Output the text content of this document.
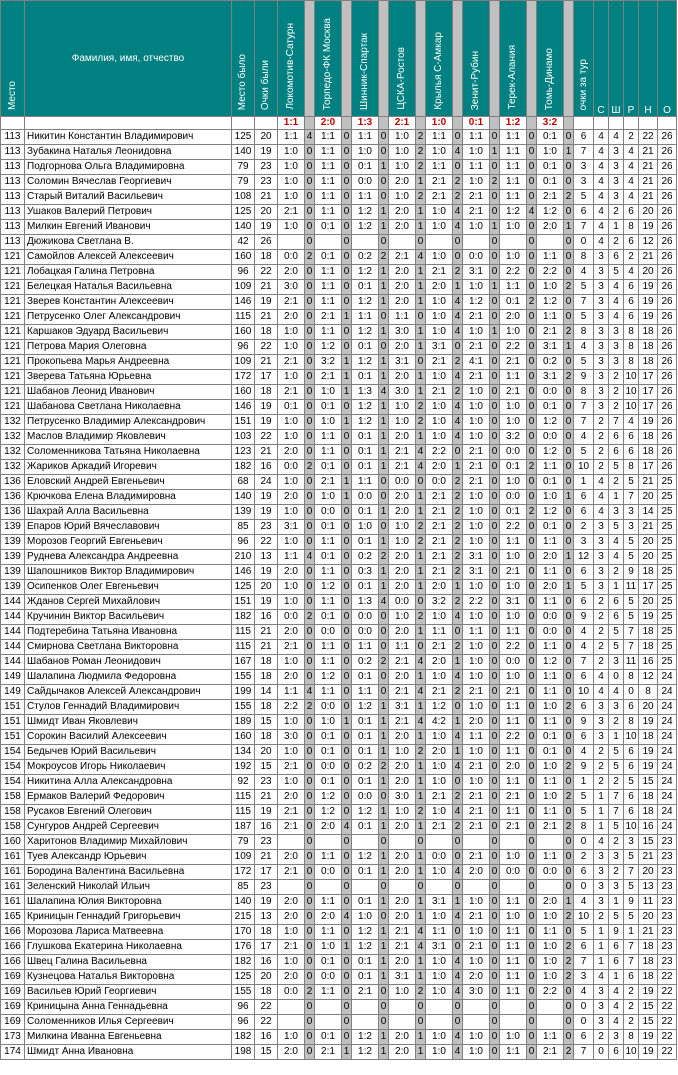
Место	Фамилия, имя, отчество	Место было	Очки были	Локомотив-Сатурн		Торпедо-ФК Москва		Шинник-Спартак		ЦСКА-Ростов		Крылья С-Амкар		Зенит-Рубин		Терек-Алания		Томь-Динамо		очки за тур	С	Ш	Р	Н	О
				1:1		2:0		1:3		2:1		1:0		0:1		1:2		3:2							
113	Никитин Константин Владимирович	125	20	1:1	4	1:1	0	1:1	0	1:0	2	1:1	0	1:1	0	1:1	0	0:1	0	6	4	4	2	22	26
113	Зубакина Наталья Леонидовна	140	19	1:0	0	1:1	0	1:0	0	1:0	2	1:0	4	1:0	1	1:1	0	1:0	1	7	4	3	4	21	26
113	Подгорнова Ольга Владимировна	79	23	1:0	0	1:1	0	0:1	1	1:0	2	1:1	0	1:1	0	1:1	0	0:1	0	3	4	3	4	21	26
113	Соломин Вячеслав Георгиевич	79	23	1:0	0	1:1	0	0:0	0	2:0	1	2:1	2	1:0	2	1:1	0	0:1	0	3	4	3	4	21	26
113	Старый Виталий Васильевич	108	21	1:0	0	1:1	0	1:1	0	1:0	2	2:1	2	2:1	0	1:1	0	2:1	2	5	4	3	4	21	26
113	Ушаков Валерий Петрович	125	20	2:1	0	1:1	0	1:2	1	2:0	1	1:0	4	2:1	0	1:2	4	1:2	0	6	4	2	6	20	26
113	Милкин Евгений Иванович	140	19	1:0	0	0:1	0	1:2	1	2:0	1	1:0	4	1:0	1	1:0	0	2:0	1	7	4	1	8	19	26
113	Дюжикова Светлана В.	42	26		0		0		0		0		0		0		0		0	0	4	2	6	12	26
121	Самойлов Алексей Алексеевич	160	18	0:0	2	0:1	0	0:2	2	2:1	4	1:0	0	0:0	0	1:0	0	1:1	0	8	3	6	2	21	26
121	Лобацкая Галина Петровна	96	22	2:0	0	1:1	0	1:2	1	2:0	1	2:1	2	3:1	0	2:2	0	2:2	0	4	3	5	4	20	26
121	Белецкая Наталья Васильевна	109	21	3:0	0	1:1	0	0:1	1	2:0	1	2:0	1	1:0	1	1:1	0	1:0	2	5	3	4	6	19	26
121	Зверев Константин Алексеевич	146	19	2:1	0	1:1	0	1:2	1	2:0	1	1:0	4	1:2	0	0:1	2	1:2	0	7	3	4	6	19	26
121	Петрусенко Олег Александрович	115	21	2:0	0	2:1	1	1:1	0	1:1	0	1:0	4	2:1	0	2:0	0	1:1	0	5	3	4	6	19	26
121	Каршаков Эдуард Васильевич	160	18	1:0	0	1:1	0	1:2	1	3:0	1	1:0	4	1:0	1	1:0	0	2:1	2	8	3	3	8	18	26
121	Петрова Мария Олеговна	96	22	1:0	0	1:2	0	0:1	0	2:0	1	3:1	0	2:1	0	2:2	0	3:1	1	4	3	3	8	18	26
121	Прокопьева Марья Андреевна	109	21	2:1	0	3:2	1	1:2	1	3:1	0	2:1	2	4:1	0	2:1	0	0:2	0	5	3	3	8	18	26
121	Зверева Татьяна Юрьевна	172	17	1:0	0	2:1	1	0:1	1	2:0	1	1:0	4	2:1	0	1:1	0	3:1	2	9	3	2	10	17	26
121	Шабанов Леонид Иванович	160	18	2:1	0	1:0	1	1:3	4	3:0	1	2:1	2	1:0	0	2:1	0	0:0	0	8	3	2	10	17	26
121	Шабанова Светлана Николаевна	146	19	0:1	0	0:1	0	1:2	1	1:0	2	1:0	4	1:0	0	1:0	0	0:1	0	7	3	2	10	17	26
132	Петрусенко Владимир Александрович	151	19	1:0	0	1:0	1	1:2	1	1:0	2	1:0	4	1:0	0	1:0	0	1:2	0	7	2	7	4	19	26
132	Маслов Владимир Яковлевич	103	22	1:0	0	1:1	0	0:1	1	2:0	1	1:0	4	1:0	0	3:2	0	0:0	0	4	2	6	6	18	26
132	Соломенникова Татьяна Николаевна	123	21	2:0	0	1:1	0	0:1	1	2:1	4	2:2	0	2:1	0	0:0	0	1:2	0	5	2	6	6	18	26
132	Жариков Аркадий Игоревич	182	16	0:0	2	0:1	0	0:1	1	2:1	4	2:0	1	2:1	0	0:1	2	1:1	0	10	2	5	8	17	26
136	Еловский Андрей Евгеньевич	68	24	1:0	0	2:1	1	1:1	0	0:0	0	0:0	2	2:1	0	1:0	0	0:1	0	1	4	2	5	21	25
136	Крючкова Елена Владимировна	140	19	2:0	0	1:0	1	0:0	0	2:0	1	2:1	2	1:0	0	0:0	0	1:0	1	6	4	1	7	20	25
136	Шахрай Алла Васильевна	139	19	1:0	0	0:0	0	0:1	1	2:0	1	2:1	2	1:0	0	0:1	2	1:2	0	6	4	3	3	14	25
139	Епаров Юрий Вячеславович	85	23	3:1	0	0:1	0	1:0	0	1:0	2	2:1	2	1:0	0	2:2	0	0:1	0	2	3	5	3	21	25
139	Морозов Георгий Евгеньевич	96	22	1:0	0	1:1	0	0:1	1	1:0	2	2:1	2	1:0	0	1:1	0	1:1	0	3	3	4	5	20	25
139	Руднева Александра Андреевна	210	13	1:1	4	0:1	0	0:2	2	2:0	1	2:1	2	3:1	0	1:0	0	2:0	1	12	3	4	5	20	25
139	Шапошников Виктор Владимирович	146	19	2:0	0	1:1	0	0:3	1	2:0	1	2:1	2	3:1	0	2:1	0	1:1	0	6	3	2	9	18	25
139	Осипенков Олег Евгеньевич	125	20	1:0	0	1:2	0	0:1	1	2:0	1	2:0	1	1:0	0	1:0	0	2:0	1	5	3	1	11	17	25
144	Жданов Сергей Михайлович	151	19	1:0	0	1:1	0	1:3	4	0:0	0	3:2	2	2:2	0	3:1	0	1:1	0	6	2	6	5	20	25
144	Кручинин Виктор Васильевич	182	16	0:0	2	0:1	0	0:0	0	1:0	2	1:0	4	1:0	0	1:0	0	0:0	0	9	2	6	5	19	25
144	Подтеребина Татьяна Ивановна	115	21	2:0	0	0:0	0	0:0	0	2:0	1	1:1	0	1:1	0	1:1	0	0:0	0	4	2	5	7	18	25
144	Смирнова Светлана Викторовна	115	21	2:1	0	1:1	0	1:1	0	1:1	0	2:1	2	1:0	0	2:2	0	1:1	0	4	2	5	7	18	25
144	Шабанов Роман Леонидович	167	18	1:0	0	1:1	0	0:2	2	2:1	4	2:0	1	1:0	0	0:0	0	1:2	0	7	2	3	11	16	25
149	Шалапина Людмила Федоровна	155	18	2:0	0	1:2	0	0:1	0	2:0	1	1:0	4	1:0	0	1:0	0	1:1	0	6	4	0	8	12	24
149	Сайдычаков Алексей Александрович	199	14	1:1	4	1:1	0	1:1	0	2:1	4	2:1	2	2:1	0	2:1	0	1:1	0	10	4	4	0	8	24
151	Стулов Геннадий Владимирович	155	18	2:2	2	0:0	0	1:2	1	3:1	1	1:2	0	1:0	0	1:1	0	1:0	2	6	3	3	6	20	24
151	Шмидт Иван Яковлевич	189	15	1:0	0	1:0	1	0:1	1	2:1	4	4:2	1	2:0	0	1:1	0	1:1	0	9	3	2	8	19	24
151	Сорокин Василий Алексеевич	160	18	3:0	0	0:1	0	0:1	1	2:0	1	1:0	4	1:1	0	2:2	0	0:1	0	6	3	1	10	18	24
154	Бедычев Юрий Васильевич	134	20	1:0	0	0:1	0	0:1	1	1:0	2	2:0	1	1:0	0	1:1	0	0:1	0	4	2	5	6	19	24
154	Мокроусов Игорь Николаевич	192	15	2:1	0	0:0	0	0:2	2	2:0	1	1:0	4	2:1	0	2:0	0	1:0	2	9	2	5	6	19	24
154	Никитина Алла Александровна	92	23	1:0	0	0:1	0	0:1	1	2:0	1	1:0	0	1:0	0	1:1	0	1:1	0	1	2	2	5	15	24
158	Ермаков Валерий Федорович	115	21	2:0	0	1:2	0	0:0	0	3:0	1	2:1	2	2:1	0	2:1	0	1:0	2	5	1	7	6	18	24
158	Русаков Евгений Олегович	115	19	2:1	0	1:2	0	1:2	1	1:0	2	1:0	4	2:1	0	1:1	0	1:1	0	5	1	7	6	18	24
158	Сунгуров Андрей Сергеевич	187	16	2:1	0	2:0	4	0:1	1	2:0	1	2:1	2	2:1	0	2:1	0	2:1	2	8	1	5	10	16	24
160	Харитонов Владимир Михайлович	79	23		0		0		0		0		0		0		0		0	0	4	2	3	15	23
161	Туев Александр Юрьевич	109	21	2:0	0	1:1	0	1:2	1	2:0	1	0:0	0	2:1	0	1:0	0	1:1	0	2	3	3	5	21	23
161	Бородина Валентина Васильевна	172	17	2:1	0	0:0	0	0:1	1	2:0	1	1:0	4	2:0	0	0:0	0	0:0	0	6	3	2	7	20	23
161	Зеленский Николай Ильич	85	23		0		0		0		0		0		0		0		0	0	3	3	5	13	23
161	Шалапина Юлия Викторовна	140	19	2:0	0	1:1	0	0:1	1	2:0	1	3:1	1	1:0	0	1:1	0	2:0	1	4	3	1	9	11	23
165	Криницын Геннадий Григорьевич	215	13	2:0	0	2:0	4	1:0	0	2:0	1	1:0	4	2:1	0	1:0	0	1:0	2	10	2	5	5	20	23
166	Морозова Лариса Матвеевна	170	18	1:0	0	1:1	0	1:2	1	2:1	4	1:1	0	1:0	0	1:1	0	1:1	0	5	1	9	1	21	23
166	Глушкова Екатерина Николаевна	176	17	2:1	0	1:0	1	1:2	1	2:1	4	3:1	0	2:1	0	1:1	0	1:0	2	6	1	6	7	18	23
166	Швец Галина Васильевна	182	16	1:0	0	0:1	0	0:1	1	2:0	1	1:0	4	1:0	0	1:1	0	1:0	2	7	1	6	7	18	23
169	Кузнецова Наталья Викторовна	125	20	2:0	0	0:0	0	0:1	1	3:1	1	1:0	4	2:0	0	1:1	0	1:0	2	3	4	1	6	18	22
169	Васильев Юрий Георгиевич	155	18	0:0	2	1:1	0	2:1	0	1:0	2	1:0	4	3:0	0	1:1	0	2:2	0	4	3	4	2	19	22
169	Криницына Анна Геннадьевна	96	22		0		0		0		0		0		0		0		0	0	3	4	2	15	22
169	Соломенников Илья Сергеевич	96	22		0		0		0		0		0		0		0		0	0	3	4	2	15	22
173	Милкина Иванна Евгеньевна	182	16	1:0	0	0:1	0	1:2	1	2:0	1	1:0	4	1:0	0	1:0	0	1:1	0	6	2	3	8	19	22
174	Шмидт Анна Ивановна	198	15	2:0	0	2:1	1	1:2	1	2:0	1	1:0	4	1:0	0	1:1	0	2:1	2	7	0	6	10	19	22
